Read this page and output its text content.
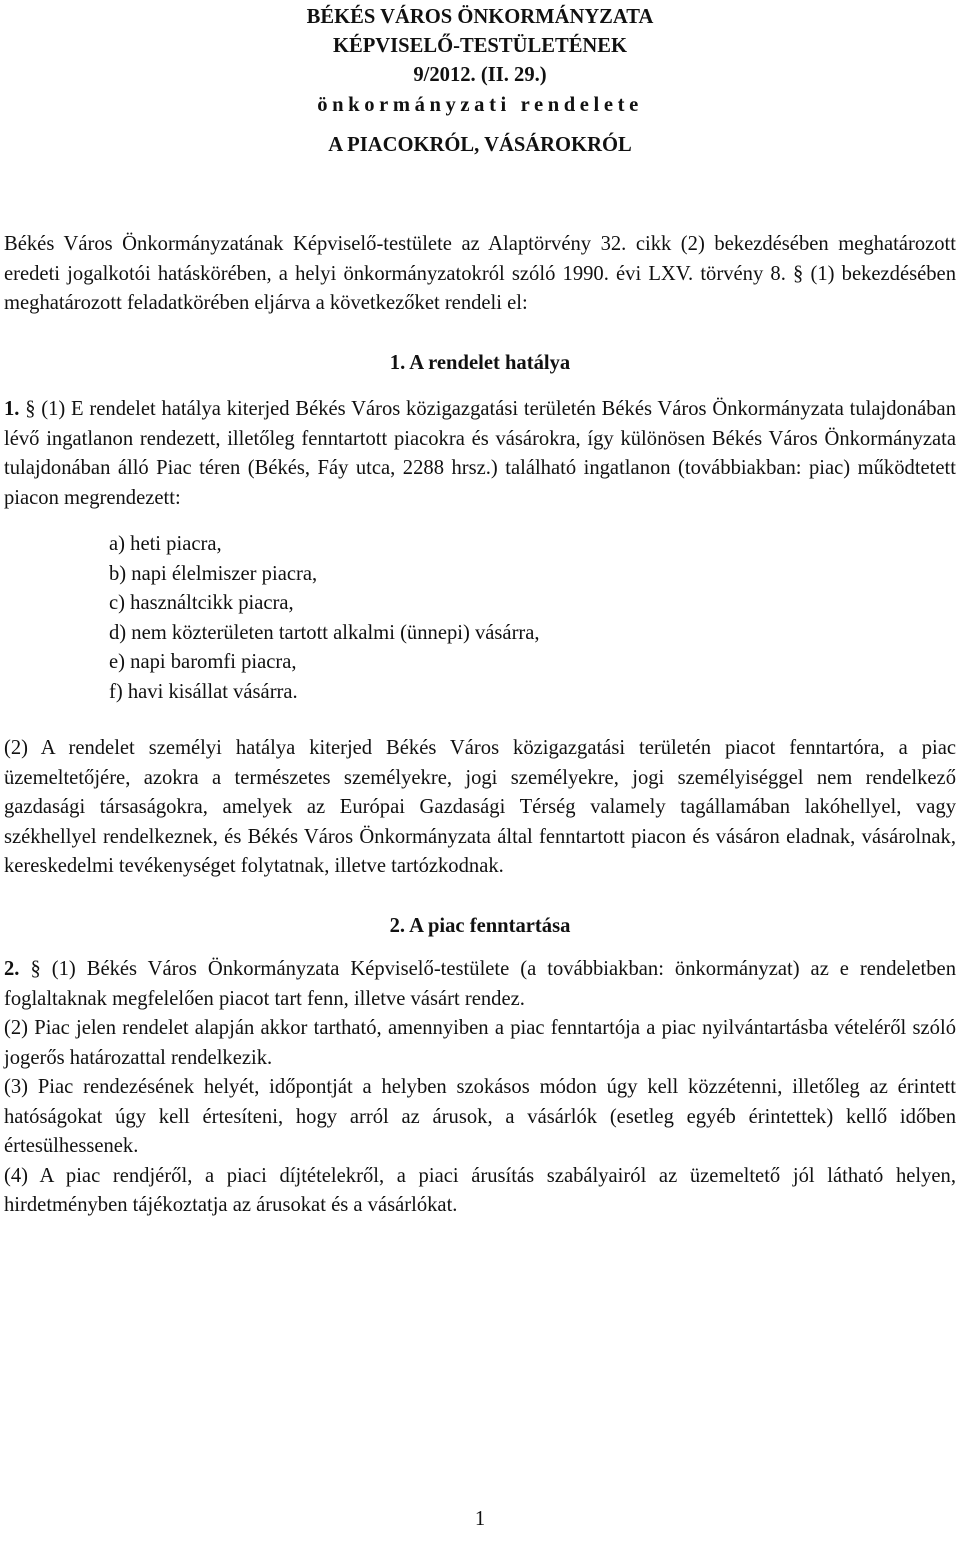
BÉKÉS VÁROS ÖNKORMÁNYZATA
KÉPVISELŐ-TESTÜLETÉNEK
9/2012. (II. 29.)
önkormányzati rendelete
A PIACOKRÓL, VÁSÁROKRÓL

Békés Város Önkormányzatának Képviselő-testülete az Alaptörvény 32. cikk (2) bekezdésében meghatározott eredeti jogalkotói hatáskörében, a helyi önkormányzatokról szóló 1990. évi LXV. törvény 8. § (1) bekezdésében meghatározott feladatkörében eljárva a következőket rendeli el:

1. A rendelet hatálya

1. § (1) E rendelet hatálya kiterjed Békés Város közigazgatási területén Békés Város Önkormányzata tulajdonában lévő ingatlanon rendezett, illetőleg fenntartott piacokra és vásárokra, így különösen Békés Város Önkormányzata tulajdonában álló Piac téren (Békés, Fáy utca, 2288 hrsz.) található ingatlanon (továbbiakban: piac) működtetett piacon megrendezett:

a) heti piacra,
b) napi élelmiszer piacra,
c) használtcikk piacra,
d) nem közterületen tartott alkalmi (ünnepi) vásárra,
e) napi baromfi piacra,
f) havi kisállat vásárra.

(2) A rendelet személyi hatálya kiterjed Békés Város közigazgatási területén piacot fenntartóra, a piac üzemeltetőjére, azokra a természetes személyekre, jogi személyekre, jogi személyiséggel nem rendelkező gazdasági társaságokra, amelyek az Európai Gazdasági Térség valamely tagállamában lakóhellyel, vagy székhellyel rendelkeznek, és Békés Város Önkormányzata által fenntartott piacon és vásáron eladnak, vásárolnak, kereskedelmi tevékenységet folytatnak, illetve tartózkodnak.

2. A piac fenntartása

2. § (1) Békés Város Önkormányzata Képviselő-testülete (a továbbiakban: önkormányzat) az e rendeletben foglaltaknak megfelelően piacot tart fenn, illetve vásárt rendez.

(2) Piac jelen rendelet alapján akkor tartható, amennyiben a piac fenntartója a piac nyilvántartásba vételéről szóló jogerős határozattal rendelkezik.

(3) Piac rendezésének helyét, időpontját a helyben szokásos módon úgy kell közzétenni, illetőleg az érintett hatóságokat úgy kell értesíteni, hogy arról az árusok, a vásárlók (esetleg egyéb érintettek) kellő időben értesülhessenek.

(4) A piac rendjéről, a piaci díjtételekről, a piaci árusítás szabályairól az üzemeltető jól látható helyen, hirdetményben tájékoztatja az árusokat és a vásárlókat.

1
